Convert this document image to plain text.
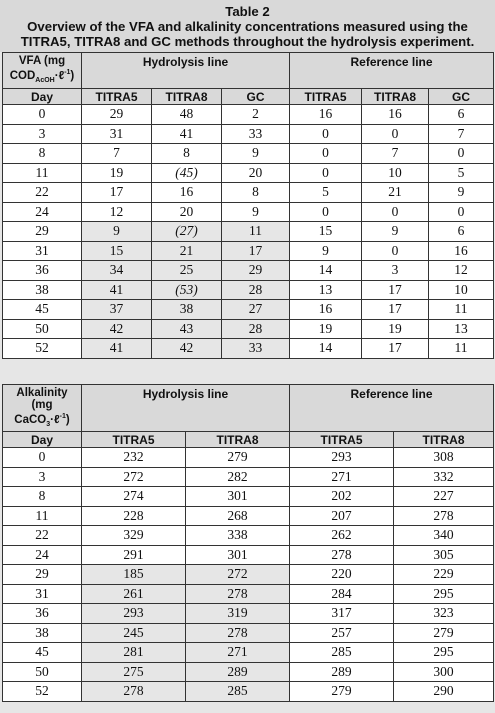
Table 2
Overview of the VFA and alkalinity concentrations measured using the
TITRA5, TITRA8 and GC methods throughout the hydrolysis experiment.
VFA (mg
$COD_{AcOH}\cdot\ell^{-1}$)	Hydrolysis line			Reference line		
Day	TITRA5	TITRA8	GC	TITRA5	TITRA8	GC
0	29	48	2	16	16	6
3	31	41	33	0	0	7
8	7	8	9	0	7	0
11	19	(45)	20	0	10	5
22	17	16	8	5	21	9
24	12	20	9	0	0	0
29	9	(27)	11	15	9	6
31	15	21	17	9	0	16
36	34	25	29	14	3	12
38	41	(53)	28	13	17	10
45	37	38	27	16	17	11
50	42	43	28	19	19	13
52	41	42	33	14	17	11
Alkalinity
(mg
CaCO$_3$·ℓ$^{-1}$)	Hydrolysis line		Reference line	
Day	TITRA5	TITRA8	TITRA5	TITRA8
0	232	279	293	308
3	272	282	271	332
8	274	301	202	227
11	228	268	207	278
22	329	338	262	340
24	291	301	278	305
29	185	272	220	229
31	261	278	284	295
36	293	319	317	323
38	245	278	257	279
45	281	271	285	295
50	275	289	289	300
52	278	285	279	290
